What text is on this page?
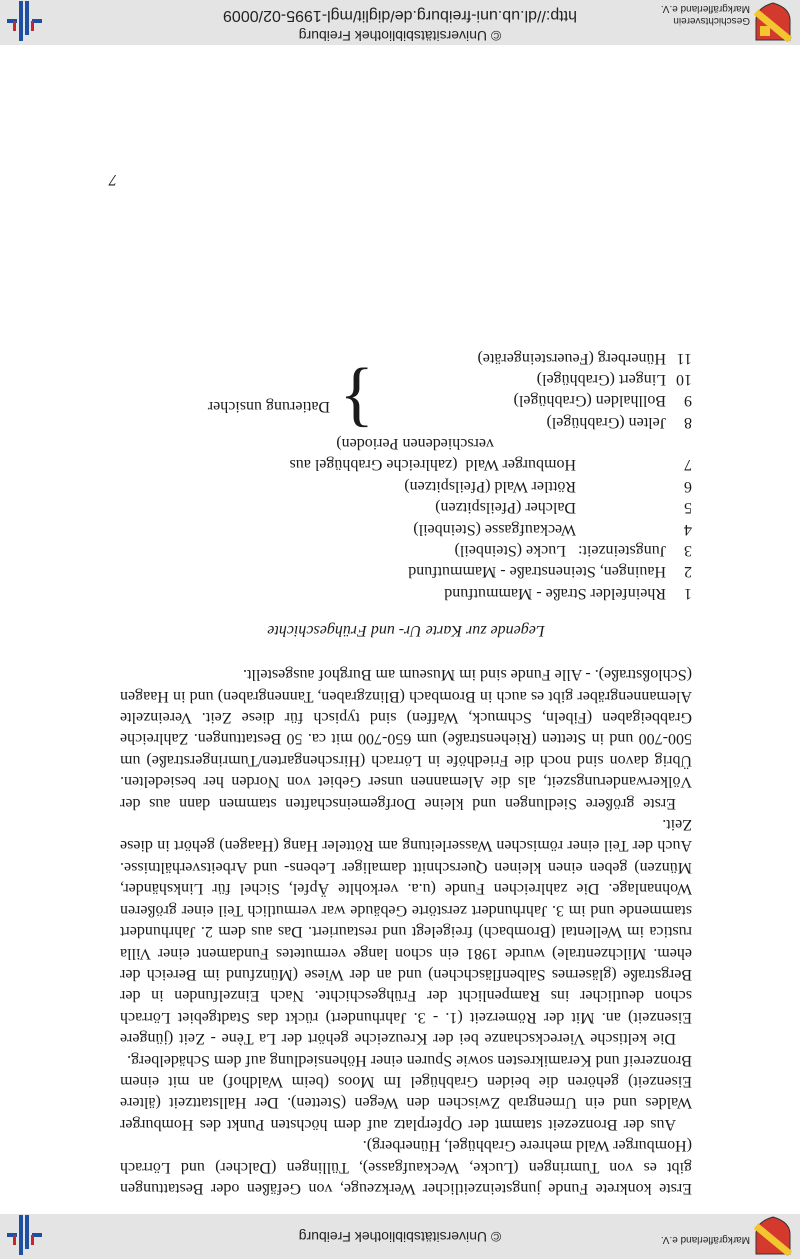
© Universitätsbibliothek Freiburg	Markgräflerland e.V.

Erste konkrete Funde jungsteinzeitlicher Werkzeuge, von Gefäßen oder Bestattungen gibt es von Tumringen (Lucke, Weckaufgasse), Tüllingen (Dalcher) und Lörrach (Homburger Wald mehrere Grabhügel, Hünerberg).

Aus der Bronzezeit stammt der Opferplatz auf dem höchsten Punkt des Homburger Waldes und ein Urnengrab Zwischen den Wegen (Stetten). Der Hallstattzeit (ältere Eisenzeit) gehören die beiden Grabhügel Im Moos (beim Waldhof) an mit einem Bronzereif und Keramikresten sowie Spuren einer Höhensiedlung auf dem Schädelberg.

Die keltische Viereckschanze bei der Kreuzeiche gehört der La Tène - Zeit (jüngere Eisenzeit) an. Mit der Römerzeit (1. - 3. Jahrhundert) rückt das Stadtgebiet Lörrach schon deutlicher ins Rampenlicht der Frühgeschichte. Nach Einzelfunden in der Bergstraße (gläsernes Salbenfläschchen) und an der Wiese (Münzfund im Bereich der ehem. Milchzentrale) wurde 1981 ein schon lange vermutetes Fundament einer Villa rustica im Wellental (Brombach) freigelegt und restauriert. Das aus dem 2. Jahrhundert stammende und im 3. Jahrhundert zerstörte Gebäude war vermutlich Teil einer größeren Wohnanlage. Die zahlreichen Funde (u.a. verkohlte Äpfel, Sichel für Linkshänder, Münzen) geben einen kleinen Querschnitt damaliger Lebens- und Arbeitsverhältnisse. Auch der Teil einer römischen Wasserleitung am Rötteler Hang (Haagen) gehört in diese Zeit.

Erste größere Siedlungen und kleine Dorfgemeinschaften stammen dann aus der Völkerwanderungszeit, als die Alemannen unser Gebiet von Norden her besiedelten. Übrig davon sind noch die Friedhöfe in Lörrach (Hirschengarten/Tumringerstraße) um 500-700 und in Stetten (Riehenstraße) um 650-700 mit ca. 50 Bestattungen. Zahlreiche Grabbeigaben (Fibeln, Schmuck, Waffen) sind typisch für diese Zeit. Vereinzelte Alemannengräber gibt es auch in Brombach (Blinzgraben, Tannengraben) und in Haagen (Schloßstraße). - Alle Funde sind im Museum am Burghof ausgestellt.

Legende zur Karte Ur- und Frühgeschichte
1
Rheinfelder Straße - Mammutfund
2
Hauingen, Steinenstraße - Mammutfund
3
Jungsteinzeit:   Lucke (Steinbeil)
4
Weckaufgasse (Steinbeil)
5
Dalcher (Pfeilspitzen)
6
Röttler Wald (Pfeilspitzen)
7
Homburger Wald  (zahlreiche Grabhügel aus
verschiedenen Perioden)
8
Jelten (Grabhügel)
9
Bollhalden (Grabhügel)
10
Lingert (Grabhügel)
11
Hünerberg (Feuersteingeräte)
}
Datierung unsicher
7
© Universitätsbibliothek Freiburg
http://dl.ub.uni-freiburg.de/diglit/mgl-1995-02/0009	Geschichtsverein
Markgräflerland e.V.
